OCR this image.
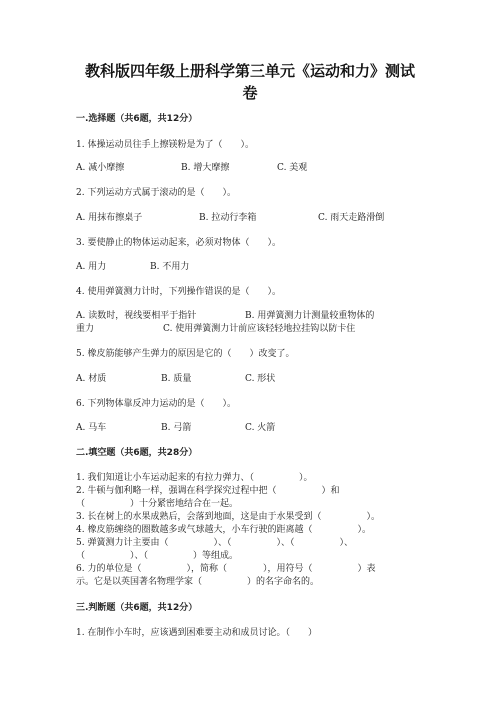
教科版四年级上册科学第三单元《运动和力》测试
卷
一.选择题（共6题，共12分）
1. 体操运动员往手上擦镁粉是为了（　　）。
A. 减小摩擦	B. 增大摩擦	C. 美观
2. 下列运动方式属于滚动的是（　　）。
A. 用抹布擦桌子	B. 拉动行李箱	C. 雨天走路滑倒
3. 要使静止的物体运动起来，必须对物体（　　）。
A. 用力	B. 不用力
4. 使用弹簧测力计时，下列操作错误的是（　　）。
A. 读数时，视线要相平于指针	B. 用弹簧测力计测量较重物体的
重力	C. 使用弹簧测力计前应该轻轻地拉挂钩以防卡住
5. 橡皮筋能够产生弹力的原因是它的（　　）改变了。
A. 材质	B. 质量	C. 形状
6. 下列物体靠反冲力运动的是（　　）。
A. 马车	B. 弓箭	C. 火箭
二.填空题（共6题，共28分）
1. 我们知道让小车运动起来的有拉力弹力、（　　　　　）。
2. 牛顿与伽利略一样，强调在科学探究过程中把（　　　　　）和
（　　　　　）十分紧密地结合在一起。
3. 长在树上的水果成熟后，会落到地面，这是由于水果受到（　　　　　）。
4. 橡皮筋缠绕的圈数越多或气球越大，小车行驶的距离越（　　　　　）。
5. 弹簧测力计主要由（　　　　　）、（　　　　　）、（　　　　　）、
（　　　　　）、（　　　　　）等组成。
6. 力的单位是（　　　　　），简称（　　　　），用符号（　　　　　）表
示。它是以英国著名物理学家（　　　　　）的名字命名的。
三.判断题（共6题，共12分）
1. 在制作小车时，应该遇到困难要主动和成员讨论。（　　）
